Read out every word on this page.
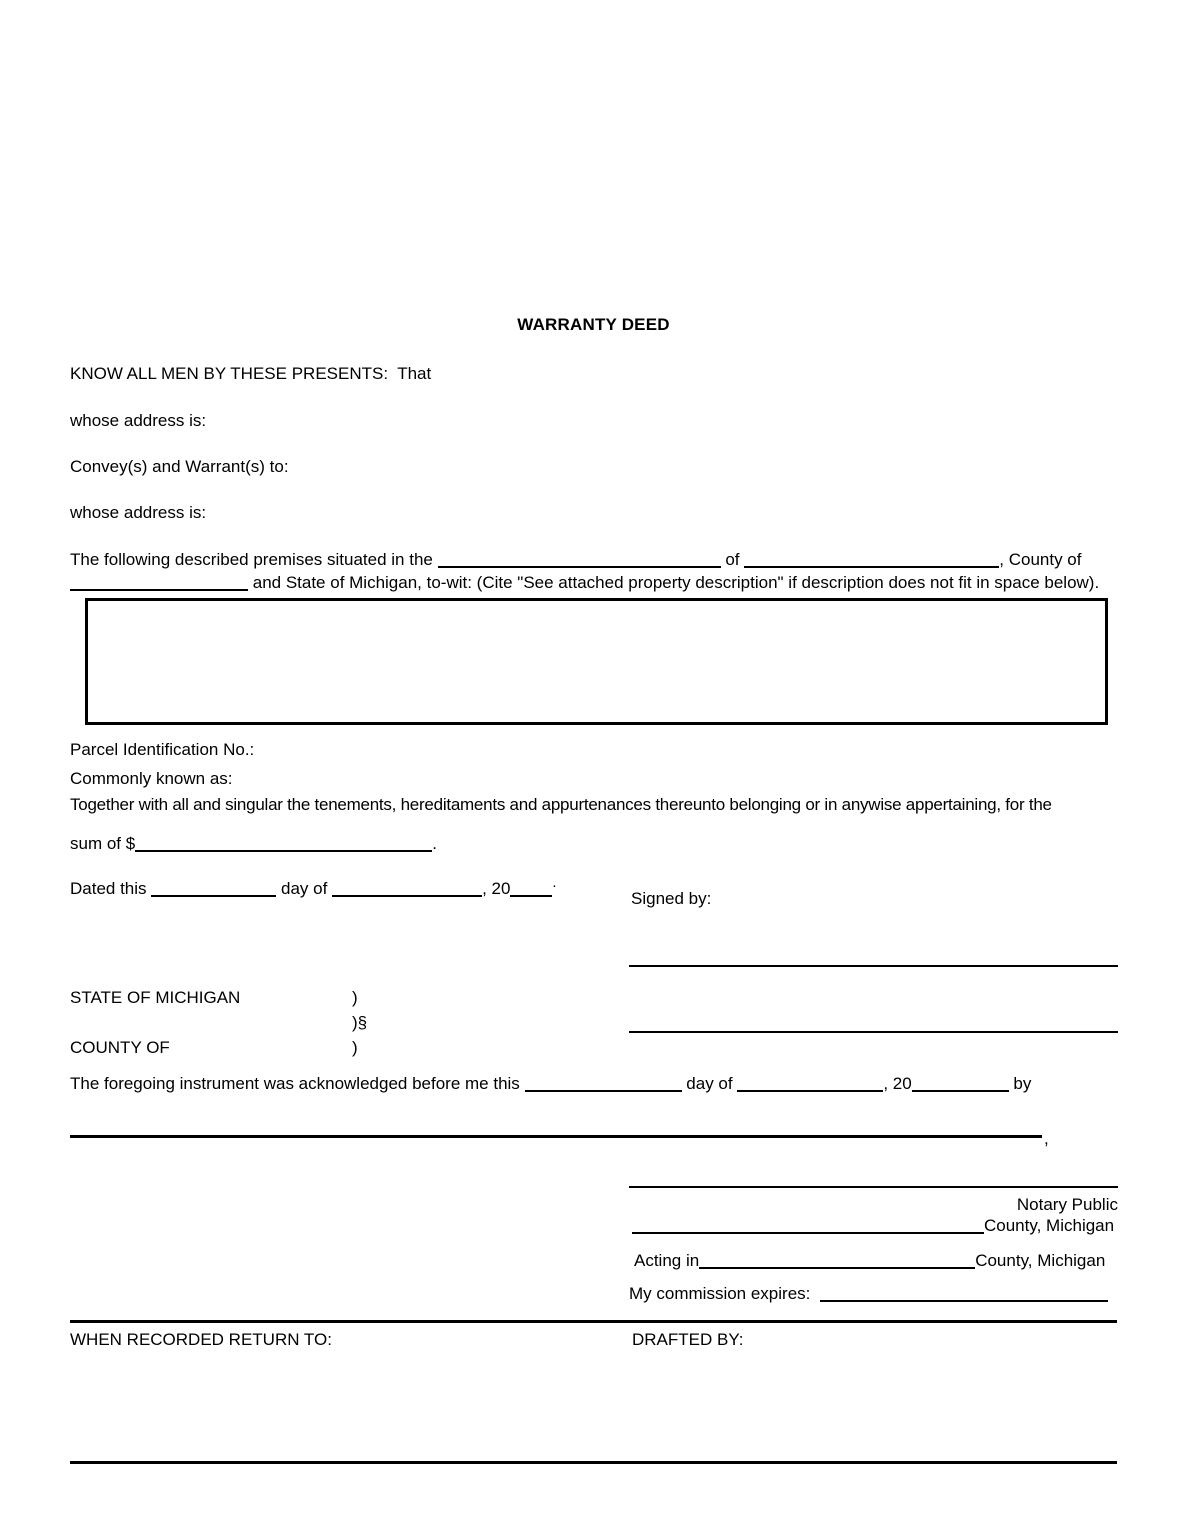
WARRANTY DEED
KNOW ALL MEN BY THESE PRESENTS:  That
whose address is:
Convey(s) and Warrant(s) to:
whose address is:
The following described premises situated in the	of	, County of
and State of Michigan, to-wit: (Cite "See attached property description" if description does not fit in space below).
Parcel Identification No.:
Commonly known as:
Together with all and singular the tenements, hereditaments and appurtenances thereunto belonging or in anywise appertaining, for the
sum of $	.
Dated this	day of	, 20	.
Signed by:
STATE OF MICHIGAN	)
)§
COUNTY OF	)
The foregoing instrument was acknowledged before me this	day of	, 20	by
,
Notary Public
County, Michigan
Acting in	County, Michigan
My commission expires:
WHEN RECORDED RETURN TO:	DRAFTED BY:
